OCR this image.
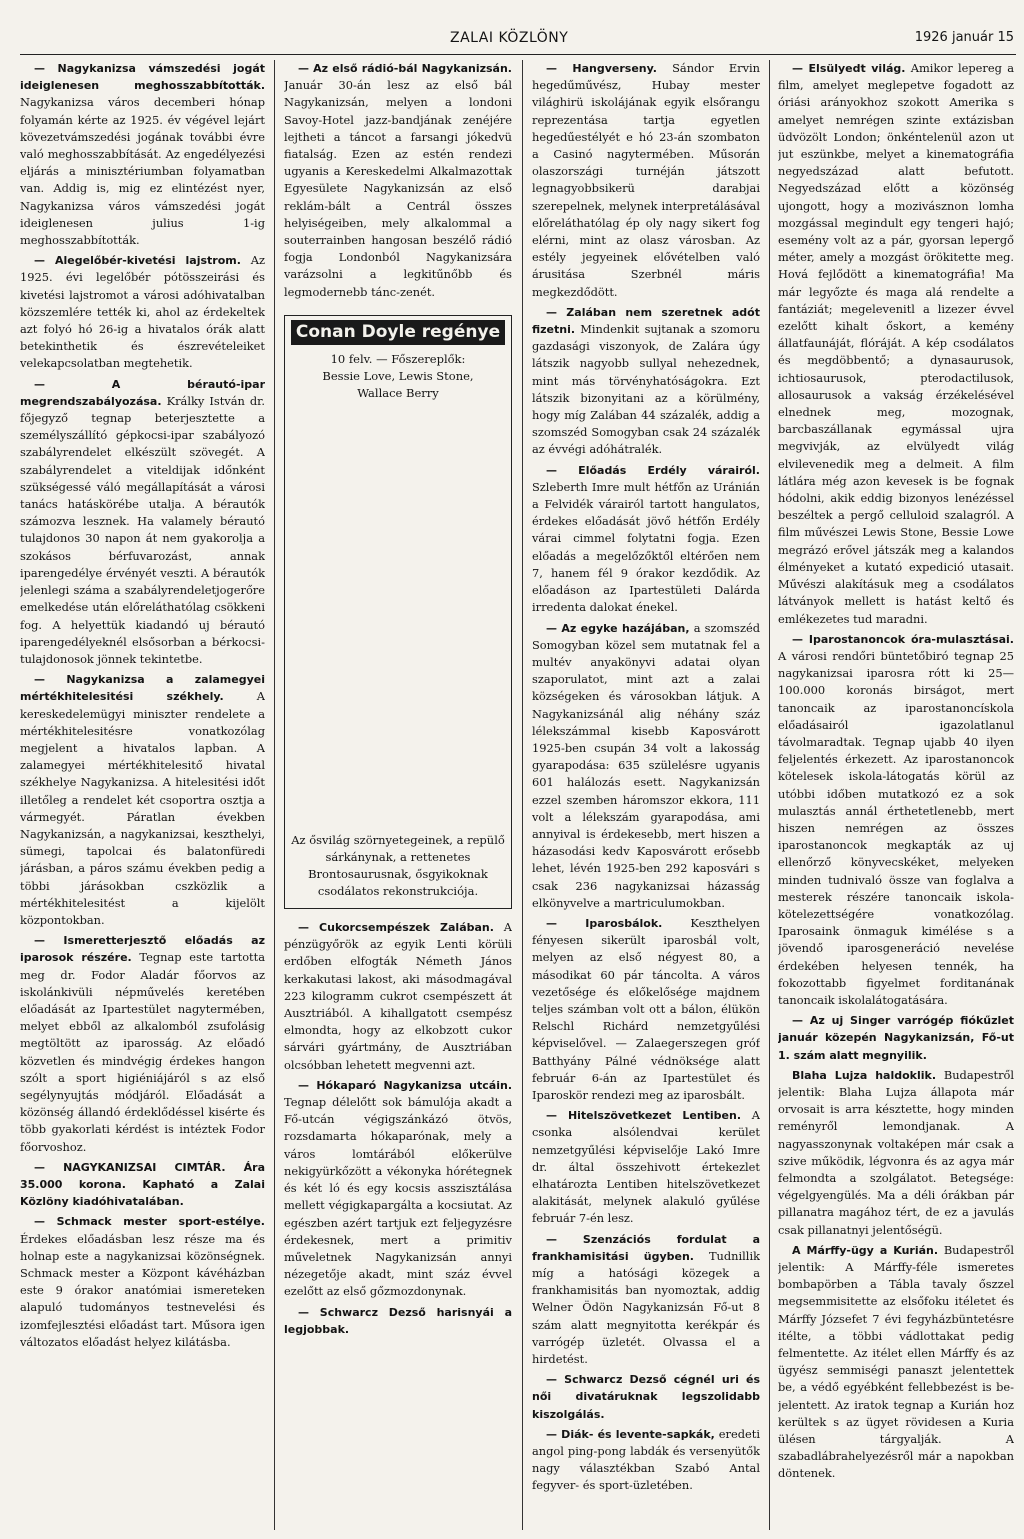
ZALAI KÖZLÖNY	1926 január 15

— Nagykanizsa vámszedési jogát ideiglenesen meghosszabbították. Nagykanizsa város decemberi hónap folyamán kérte az 1925. év végével lejárt kövezetvámszedési jogának további évre való meghosszabbítását. Az engedélyezési eljárás a minisztériumban folyamatban van. Addig is, mig ez elintézést nyer, Nagykanizsa város vámszedési jogát ideiglenesen julius 1-ig meghosszabbították.

— Alegelőbér-kivetési lajstrom. Az 1925. évi legelőbér pótösszeirási és kivetési lajstromot a városi adóhivatalban közszemlére tették ki, ahol az érdekeltek azt folyó hó 26-ig a hivatalos órák alatt betekinthetik és észrevételeiket velekapcsolatban megtehetik.

— A bérautó-ipar megrendszabályozása. Králky István dr. főjegyző tegnap beterjesztette a személyszállító gépkocsi-ipar szabályozó szabályrendelet elkészült szövegét. A szabályrendelet a viteldijak időnként szükségessé váló megállapítását a városi tanács hatáskörébe utalja. A bérautók számozva lesznek. Ha valamely bérautó tulajdonos 30 napon át nem gyakorolja a szokásos bérfuvarozást, annak iparengedélye érvényét veszti. A bérautók jelenlegi száma a szabályrendeletjogerőre emelkedése után előreláthatólag csökkeni fog. A helyettük kiadandó uj bérautó iparengedélyeknél elsősorban a bérkocsi-tulajdonosok jönnek tekintetbe.

— Nagykanizsa a zalamegyei mértékhitelesitési székhely. A kereskedelemügyi miniszter rendelete a mértékhitelesitésre vonatkozólag megjelent a hivatalos lapban. A zalamegyei mértékhitelesitő hivatal székhelye Nagykanizsa. A hitelesitési időt illetőleg a rendelet két csoportra osztja a vármegyét. Páratlan években Nagykanizsán, a nagykanizsai, keszthelyi, sümegi, tapolcai és balatonfüredi járásban, a páros számu években pedig a többi járásokban cszközlik a mértékhitelesitést a kijelölt központokban.

— Ismeretterjesztő előadás az iparosok részére. Tegnap este tartotta meg dr. Fodor Aladár főorvos az iskolánkivüli népművelés keretében előadását az Ipartestület nagytermében, melyet ebből az alkalomból zsufolásig megtöltött az iparosság. Az előadó közvetlen és mindvégig érdekes hangon szólt a sport higiéniájáról s az első segélynyujtás módjáról. Előadását a közönség állandó érdeklődéssel kisérte és több gyakorlati kérdést is intéztek Fodor főorvoshoz.

— NAGYKANIZSAI CIMTÁR. Ára 35.000 korona. Kapható a Zalai Közlöny kiadóhivatalában.

— Schmack mester sport-estélye. Érdekes előadásban lesz része ma és holnap este a nagykanizsai közönségnek. Schmack mester a Központ kávéházban este 9 órakor anatómiai ismereteken alapuló tudományos testnevelési és izomfejlesztési előadást tart. Műsora igen változatos előadást helyez kilátásba.

— Az első rádió-bál Nagykanizsán. Január 30-án lesz az első bál Nagykanizsán, melyen a londoni Savoy-Hotel jazz-bandjának zenéjére lejtheti a táncot a farsangi jókedvü fiatalság. Ezen az estén rendezi ugyanis a Kereskedelmi Alkalmazottak Egyesülete Nagykanizsán az első reklám-bált a Centrál összes helyiségeiben, mely alkalommal a souterrainben hangosan beszélő rádió fogja Londonból Nagykanizsára varázsolni a legkitűnőbb és legmodernebb tánc-zenét.

Conan Doyle regénye
10 felv. — Főszereplők:
Bessie Love, Lewis Stone,
Wallace Berry
Az ősvilág szörnyetegeinek, a repülő sárkánynak, a rettenetes Brontosaurusnak, ősgyikoknak csodálatos rekonstrukciója.

— Cukorcsempészek Zalában. A pénzügyőrök az egyik Lenti körüli erdőben elfogták Németh János kerkakutasi lakost, aki másodmagával 223 kilogramm cukrot csempészett át Ausztriából. A kihallgatott csempész elmondta, hogy az elkobzott cukor sárvári gyártmány, de Ausztriában olcsóbban lehetett megvenni azt.

— Hókaparó Nagykanizsa utcáin. Tegnap délelőtt sok bámulója akadt a Fő-utcán végigszánkázó ötvös, rozsdamarta hókaparónak, mely a város lomtárából előkerülve nekigyürkőzött a vékonyka hórétegnek és két ló és egy kocsis asszisztálása mellett végigkapargálta a kocsiutat. Az egészben azért tartjuk ezt feljegyzésre érdekesnek, mert a primitiv műveletnek Nagykanizsán annyi nézegetője akadt, mint száz évvel ezelőtt az első gőzmozdonynak.

— Schwarcz Dezső harisnyái a legjobbak.

— Hangverseny. Sándor Ervin hegedűművész, Hubay mester világhirü iskolájának egyik elsőrangu reprezentása tartja egyetlen hegedűestélyét e hó 23-án szombaton a Casinó nagytermében. Műsorán olaszországi turnéján játszott legnagyobbsikerü darabjai szerepelnek, melynek interpretálásával előreláthatólag ép oly nagy sikert fog elérni, mint az olasz városban. Az estély jegyeinek elővételben való árusitása Szerbnél máris megkezdődött.

— Zalában nem szeretnek adót fizetni. Mindenkit sujtanak a szomoru gazdasági viszonyok, de Zalára úgy látszik nagyobb sullyal nehezednek, mint más törvényhatóságokra. Ezt látszik bizonyitani az a körülmény, hogy míg Zalában 44 százalék, addig a szomszéd Somogyban csak 24 százalék az évvégi adóhátralék.

— Előadás Erdély várairól. Szleberth Imre mult hétfőn az Uránián a Felvidék várairól tartott hangulatos, érdekes előadását jövő hétfőn Erdély várai cimmel folytatni fogja. Ezen előadás a megelőzőktől eltérően nem 7, hanem fél 9 órakor kezdődik. Az előadáson az Ipartestületi Dalárda irredenta dalokat énekel.

— Az egyke hazájában, a szomszéd Somogyban közel sem mutatnak fel a multév anyakönyvi adatai olyan szaporulatot, mint azt a zalai községeken és városokban látjuk. A Nagykanizsánál alig néhány száz lélekszámmal kisebb Kaposvárott 1925-ben csupán 34 volt a lakosság gyarapodása: 635 szülelésre ugyanis 601 halálozás esett. Nagykanizsán ezzel szemben háromszor ekkora, 111 volt a lélekszám gyarapodása, ami annyival is érdekesebb, mert hiszen a házasodási kedv Kaposvárott erősebb lehet, lévén 1925-ben 292 kaposvári s csak 236 nagykanizsai házasság elkönyvelve a martriculumokban.

— Iparosbálok. Keszthelyen fényesen sikerült iparosbál volt, melyen az első négyest 80, a másodikat 60 pár táncolta. A város vezetősége és előkelősége majdnem teljes számban volt ott a bálon, élükön Relschl Richárd nemzetgyűlési képviselővel. — Zalaegerszegen gróf Batthyány Pálné védnöksége alatt február 6-án az Ipartestület és Iparoskör rendezi meg az iparosbált.

— Hitelszövetkezet Lentiben. A csonka alsólendvai kerület nemzetgyűlési képviselője Lakó Imre dr. által összehivott értekezlet elhatározta Lentiben hitelszövetkezet alakitását, melynek alakuló gyűlése február 7-én lesz.

— Szenzációs fordulat a frankhamisitási ügyben. Tudnillik míg a hatósági közegek a frankhamisitás ban nyomoztak, addig Welner Ödön Nagykanizsán Fő-ut 8 szám alatt megnyitotta kerékpár és varrógép üzletét. Olvassa el a hirdetést.

— Schwarcz Dezső cégnél uri és női divatáruknak legszolidabb kiszolgálás.

— Diák- és levente-sapkák, eredeti angol ping-pong labdák és versenyütők nagy választékban Szabó Antal fegyver- és sport-üzletében.

— Elsülyedt világ. Amikor lepereg a film, amelyet meglepetve fogadott az óriási arányokhoz szokott Amerika s amelyet nemrégen szinte extázisban üdvözölt London; önkéntelenül azon ut jut eszünkbe, melyet a kinematográfia negyedszázad alatt befutott. Negyedszázad előtt a közönség ujongott, hogy a mozivásznon lomha mozgással megindult egy tengeri hajó; esemény volt az a pár, gyorsan lepergő méter, amely a mozgást örökitette meg. Hová fejlődött a kinematográfia! Ma már legyőzte és maga alá rendelte a fantáziát; megelevenitl a lizezer évvel ezelőtt kihalt őskort, a kemény állatfaunáját, flóráját. A kép csodálatos és megdöbbentő; a dynasaurusok, ichtiosaurusok, pterodactilusok, allosaurusok a vakság érzékelésével elnednek meg, mozognak, barcbaszállanak egymással ujra megvivják, az elvülyedt világ elvilevenedik meg a delmeit. A film látlára még azon kevesek is be fognak hódolni, akik eddig bizonyos lenézéssel beszéltek a pergő celluloid szalagról. A film művészei Lewis Stone, Bessie Lowe megrázó erővel játszák meg a kalandos élményeket a kutató expedició utasait. Művészi alakításuk meg a csodálatos látványok mellett is hatást keltő és emlékezetes tud maradni.

— Iparostanoncok óra-mulasztásai. A városi rendőri büntetőbiró tegnap 25 nagykanizsai iparosra rótt ki 25—100.000 koronás birságot, mert tanoncaik az iparostanoncískola előadásairól igazolatlanul távolmaradtak. Tegnap ujabb 40 ilyen feljelentés érkezett. Az iparostanoncok kötelesek iskola-látogatás körül az utóbbi időben mutatkozó ez a sok mulasztás annál érthetetlenebb, mert hiszen nemrégen az összes iparostanoncok megkapták az uj ellenőrző könyvecskéket, melyeken minden tudnivaló össze van foglalva a mesterek részére tanoncaik iskola-kötelezettségére vonatkozólag. Iparosaink önmaguk kimélése s a jövendő iparosgeneráció nevelése érdekében helyesen tennék, ha fokozottabb figyelmet forditanának tanoncaik iskolalátogatására.

— Az uj Singer varrógép fiókűzlet január közepén Nagykanizsán, Fő-ut 1. szám alatt megnyilik.

Blaha Lujza haldoklik. Budapestről jelentik: Blaha Lujza állapota már orvosait is arra késztette, hogy minden reményről lemondjanak. A nagyasszonynak voltaképen már csak a szive működik, légvonra és az agya már felmondta a szolgálatot. Betegsége: végelgyengülés. Ma a déli órákban pár pillanatra magához tért, de ez a javulás csak pillanatnyi jelentőségü.

A Márffy-ügy a Kurián. Budapestről jelentik: A Márffy-féle ismeretes bombapörben a Tábla tavaly őszzel megsemmisitette az elsőfoku itéletet és Márffy Józsefet 7 évi fegyházbüntetésre itélte, a többi vádlottakat pedig felmentette. Az itélet ellen Márffy és az ügyész semmiségi panaszt jelentettek be, a védő egyébként fellebbezést is be- jelentett. Az iratok tegnap a Kurián hoz kerültek s az ügyet rövidesen a Kuria ülésen tárgyalják. A szabadlábrahelyezésről már a napokban döntenek.
